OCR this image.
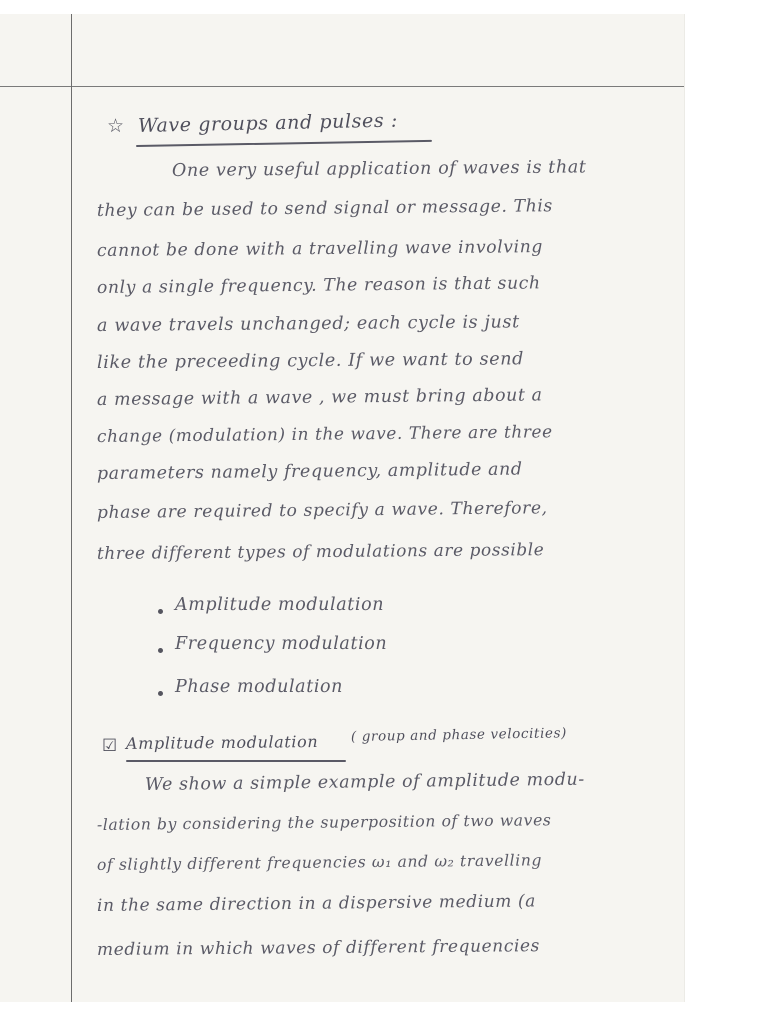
☆ Wave groups and pulses :
One very useful application of waves is that
they can be used to send signal or message. This
cannot be done with a travelling wave involving
only a single frequency. The reason is that such
a wave travels unchanged; each cycle is just
like the preceeding cycle. If we want to send
a message with a wave , we must bring about a
change (modulation) in the wave. There are three
parameters namely frequency, amplitude and
phase are required to specify a wave. Therefore,
three different types of modulations are possible
Amplitude modulation
Frequency modulation
Phase modulation
☑ Amplitude modulation ( group and phase velocities)
We show a simple example of amplitude modu-
-lation by considering the superposition of two waves
of slightly different frequencies ω₁ and ω₂ travelling
in the same direction in a dispersive medium (a
medium in which waves of different frequencies
